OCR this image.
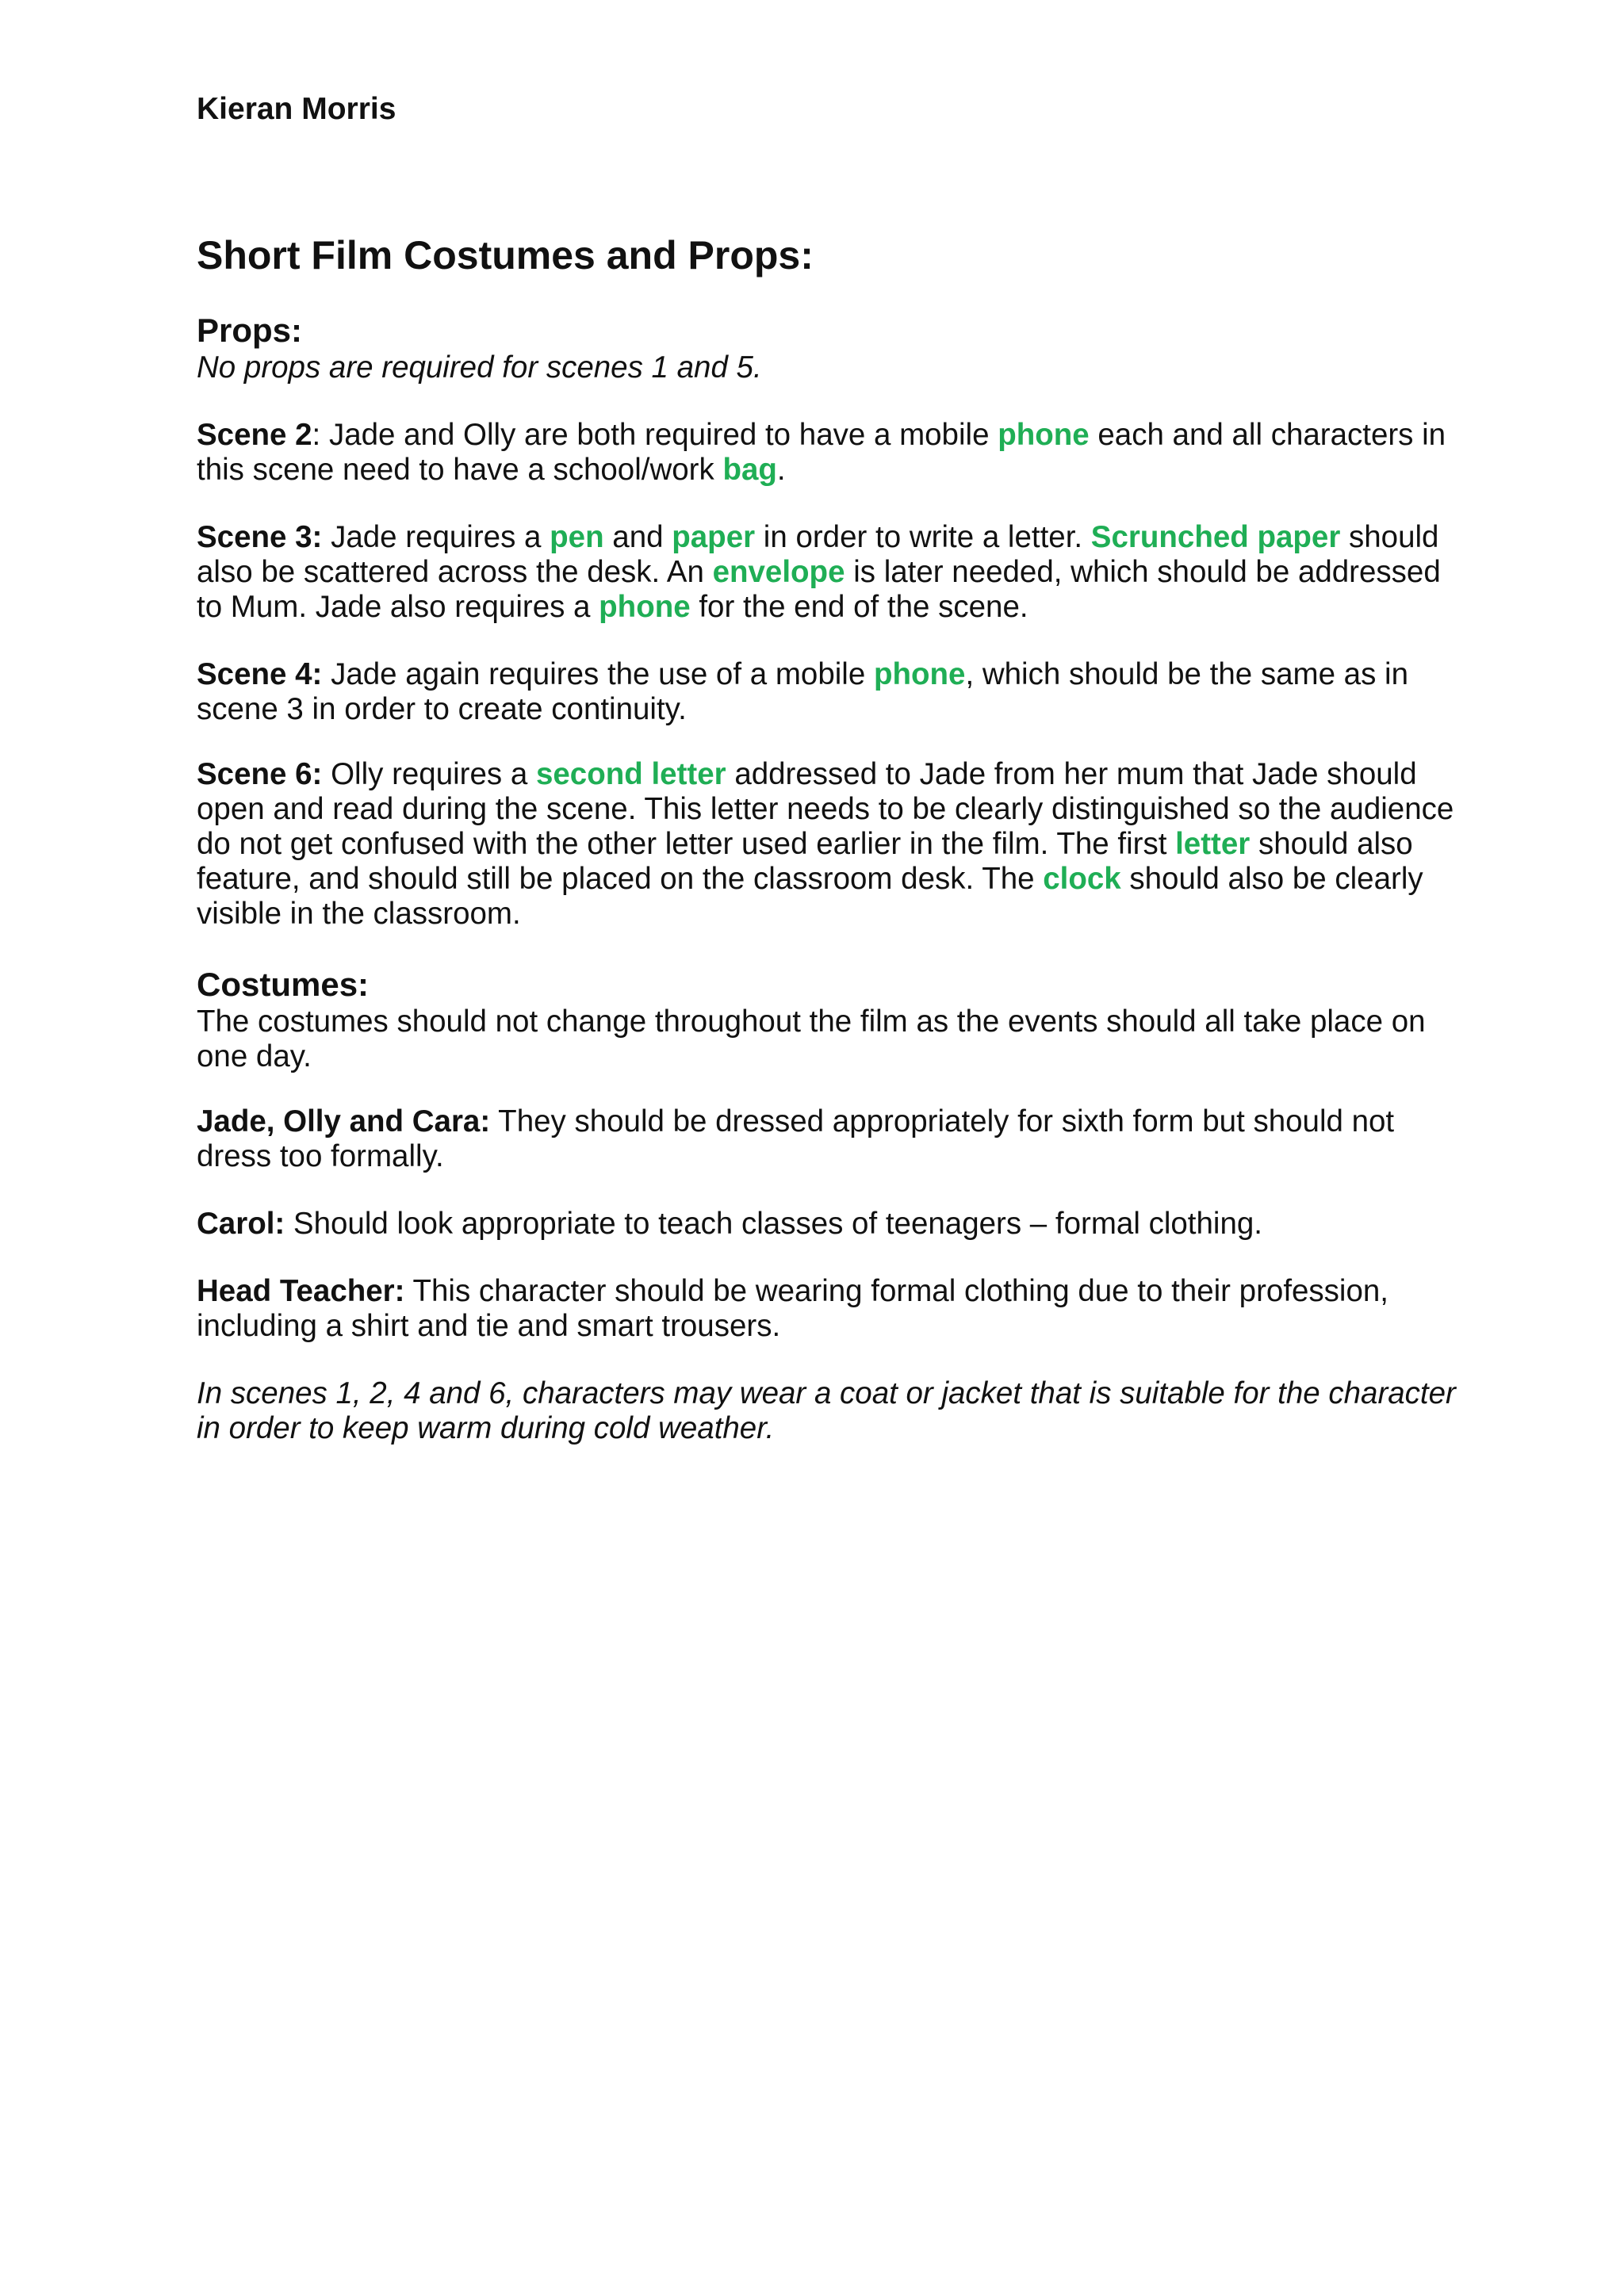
Kieran Morris
Short Film Costumes and Props:
Props:

No props are required for scenes 1 and 5.

Scene 2: Jade and Olly are both required to have a mobile phone each and all characters in this scene need to have a school/work bag.

Scene 3: Jade requires a pen and paper in order to write a letter. Scrunched paper should also be scattered across the desk. An envelope is later needed, which should be addressed to Mum. Jade also requires a phone for the end of the scene.

Scene 4: Jade again requires the use of a mobile phone, which should be the same as in scene 3 in order to create continuity.

Scene 6: Olly requires a second letter addressed to Jade from her mum that Jade should open and read during the scene. This letter needs to be clearly distinguished so the audience do not get confused with the other letter used earlier in the film. The first letter should also feature, and should still be placed on the classroom desk. The clock should also be clearly visible in the classroom.

Costumes:

The costumes should not change throughout the film as the events should all take place on one day.

Jade, Olly and Cara: They should be dressed appropriately for sixth form but should not dress too formally.

Carol: Should look appropriate to teach classes of teenagers – formal clothing.

Head Teacher: This character should be wearing formal clothing due to their profession, including a shirt and tie and smart trousers.

In scenes 1, 2, 4 and 6, characters may wear a coat or jacket that is suitable for the character in order to keep warm during cold weather.
